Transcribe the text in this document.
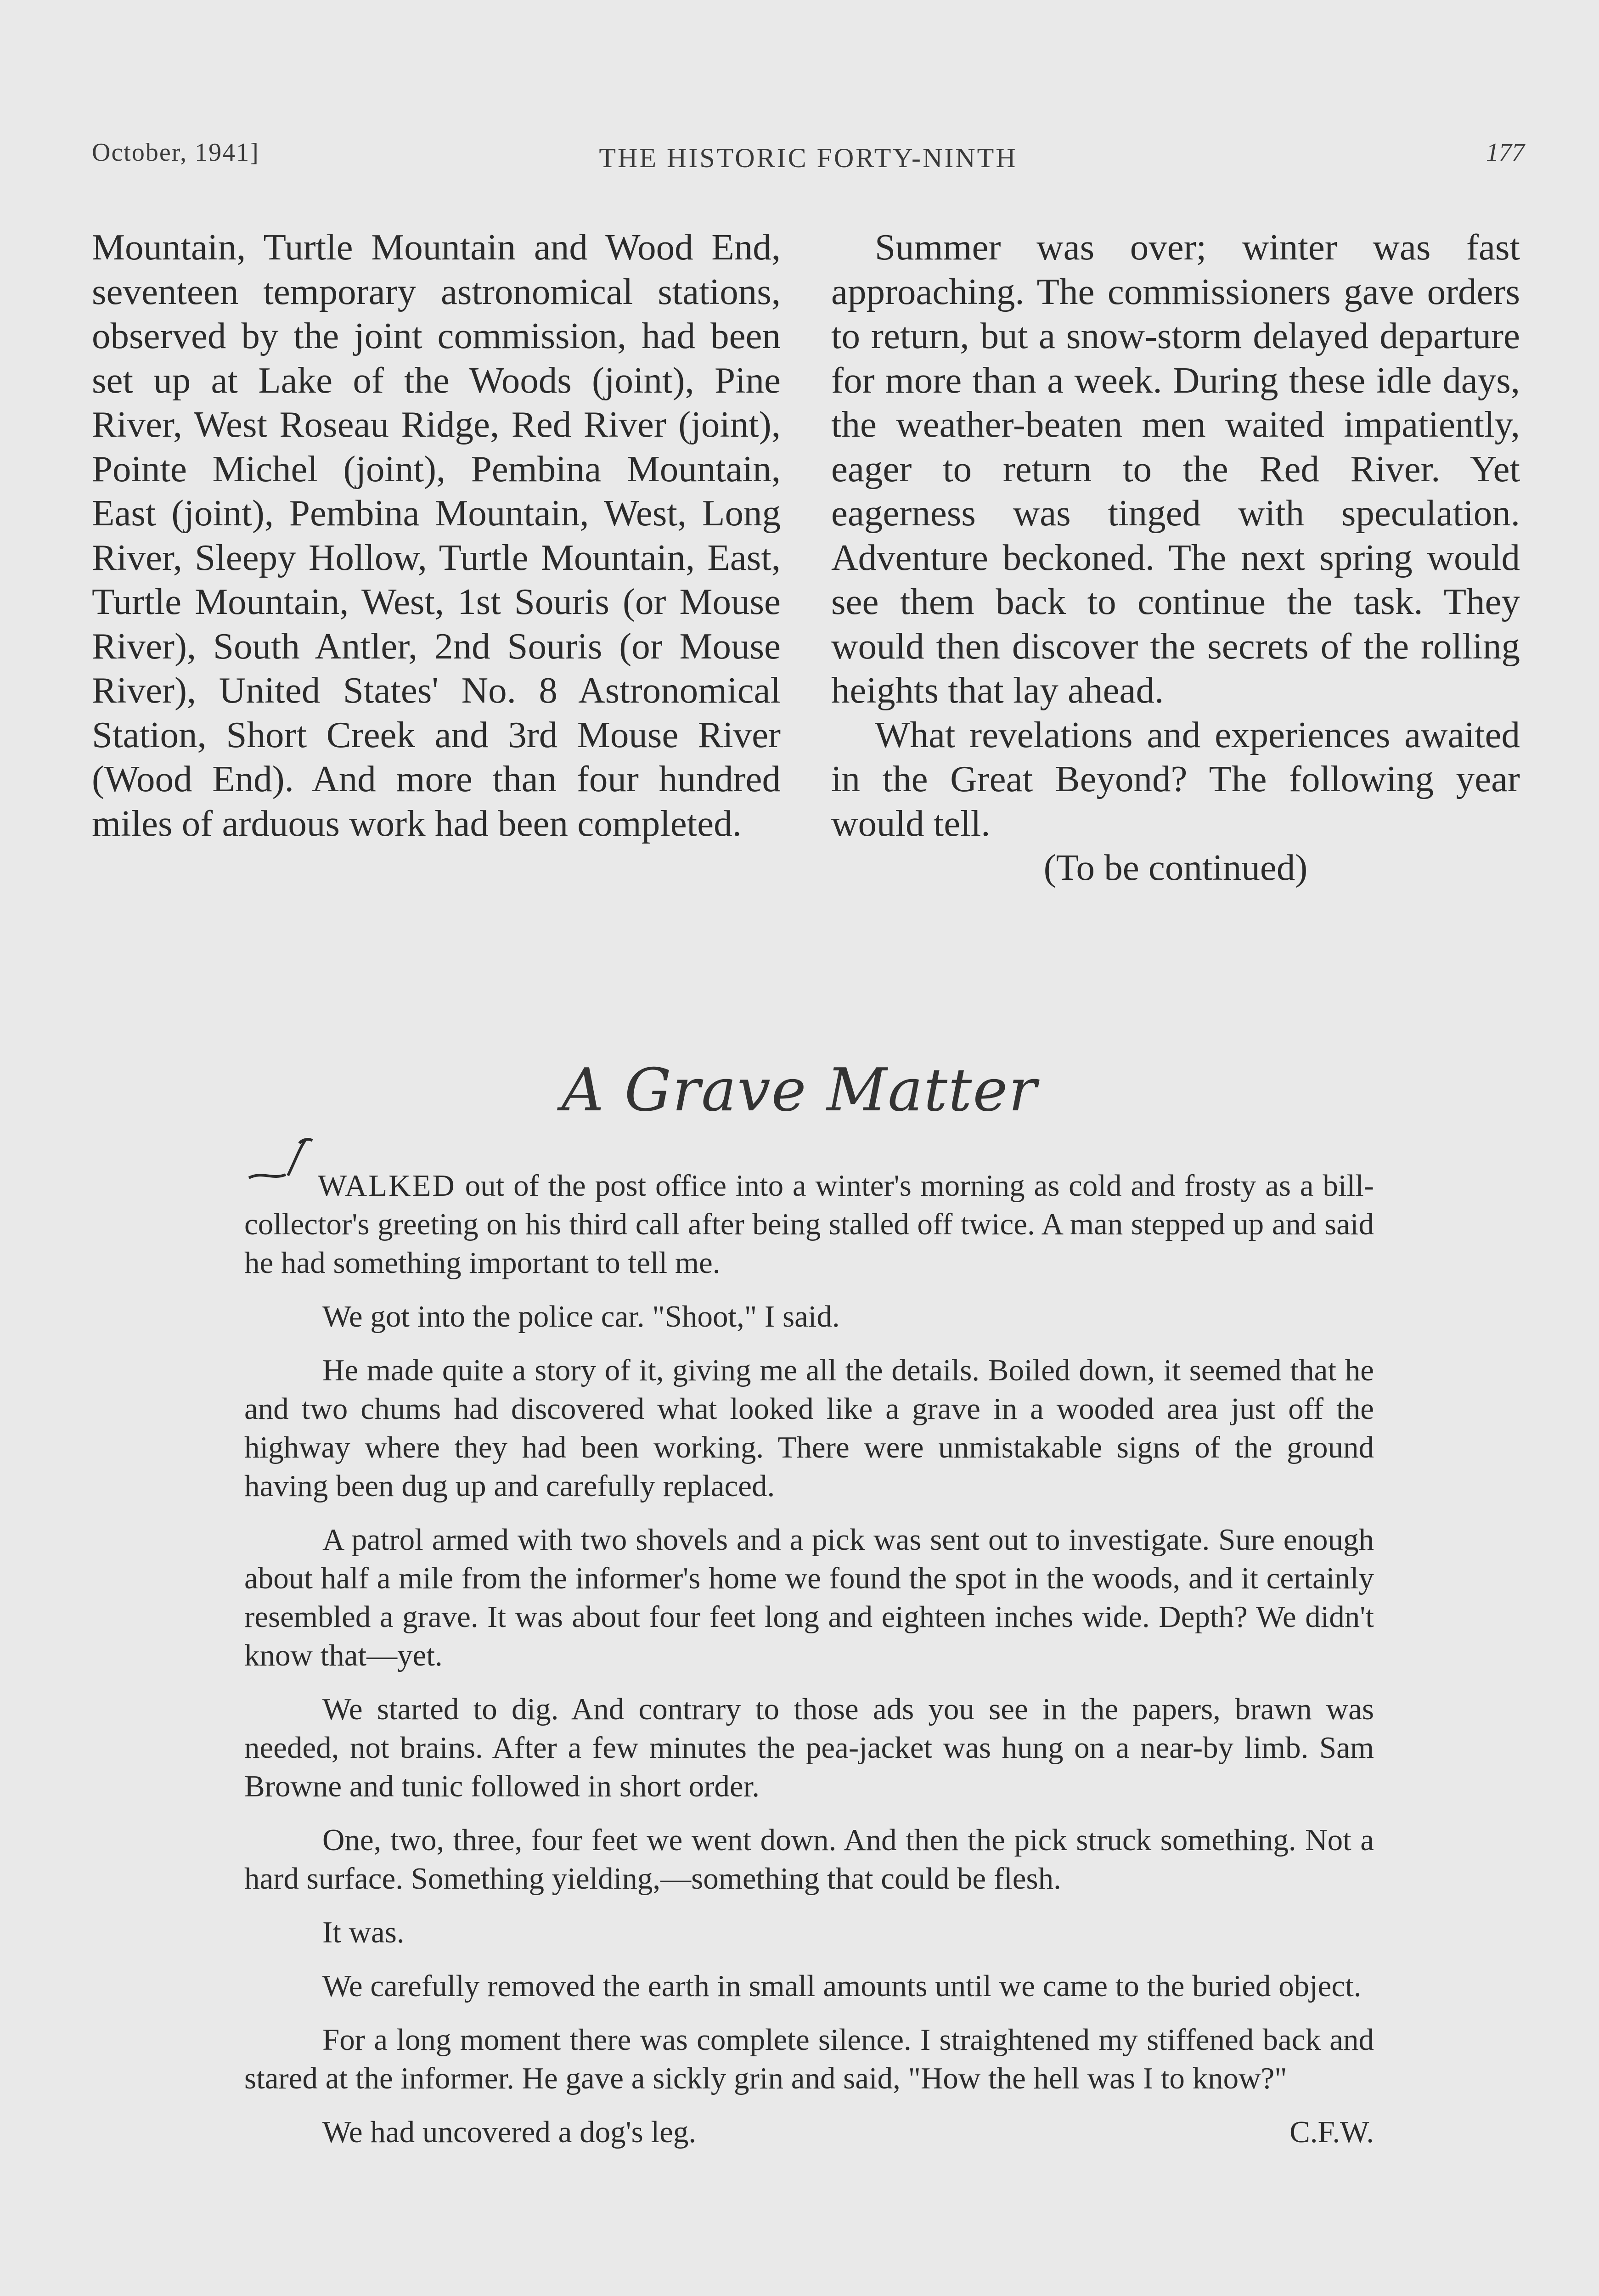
October, 1941]	THE HISTORIC FORTY-NINTH	177

Mountain, Turtle Mountain and Wood End, seventeen temporary astronomical stations, observed by the joint commission, had been set up at Lake of the Woods (joint), Pine River, West Roseau Ridge, Red River (joint), Pointe Michel (joint), Pembina Mountain, East (joint), Pembina Mountain, West, Long River, Sleepy Hollow, Turtle Mountain, East, Turtle Mountain, West, 1st Souris (or Mouse River), South Antler, 2nd Souris (or Mouse River), United States' No. 8 Astronomical Station, Short Creek and 3rd Mouse River (Wood End). And more than four hundred miles of arduous work had been completed.

Summer was over; winter was fast approaching. The commissioners gave orders to return, but a snow-storm delayed departure for more than a week. During these idle days, the weather-beaten men waited impatiently, eager to return to the Red River. Yet eagerness was tinged with speculation. Adventure beckoned. The next spring would see them back to continue the task. They would then discover the secrets of the rolling heights that lay ahead.

What revelations and experiences awaited in the Great Beyond? The following year would tell.

(To be continued)

A Grave Matter

WALKED out of the post office into a winter's morning as cold and frosty as a bill-collector's greeting on his third call after being stalled off twice. A man stepped up and said he had something important to tell me.

We got into the police car. "Shoot," I said.

He made quite a story of it, giving me all the details. Boiled down, it seemed that he and two chums had discovered what looked like a grave in a wooded area just off the highway where they had been working. There were unmistakable signs of the ground having been dug up and carefully replaced.

A patrol armed with two shovels and a pick was sent out to investigate. Sure enough about half a mile from the informer's home we found the spot in the woods, and it certainly resembled a grave. It was about four feet long and eighteen inches wide. Depth? We didn't know that—yet.

We started to dig. And contrary to those ads you see in the papers, brawn was needed, not brains. After a few minutes the pea-jacket was hung on a near-by limb. Sam Browne and tunic followed in short order.

One, two, three, four feet we went down. And then the pick struck something. Not a hard surface. Something yielding,—something that could be flesh.

It was.

We carefully removed the earth in small amounts until we came to the buried object.

For a long moment there was complete silence. I straightened my stiffened back and stared at the informer. He gave a sickly grin and said, "How the hell was I to know?"

We had uncovered a dog's leg.	C.F.W.
